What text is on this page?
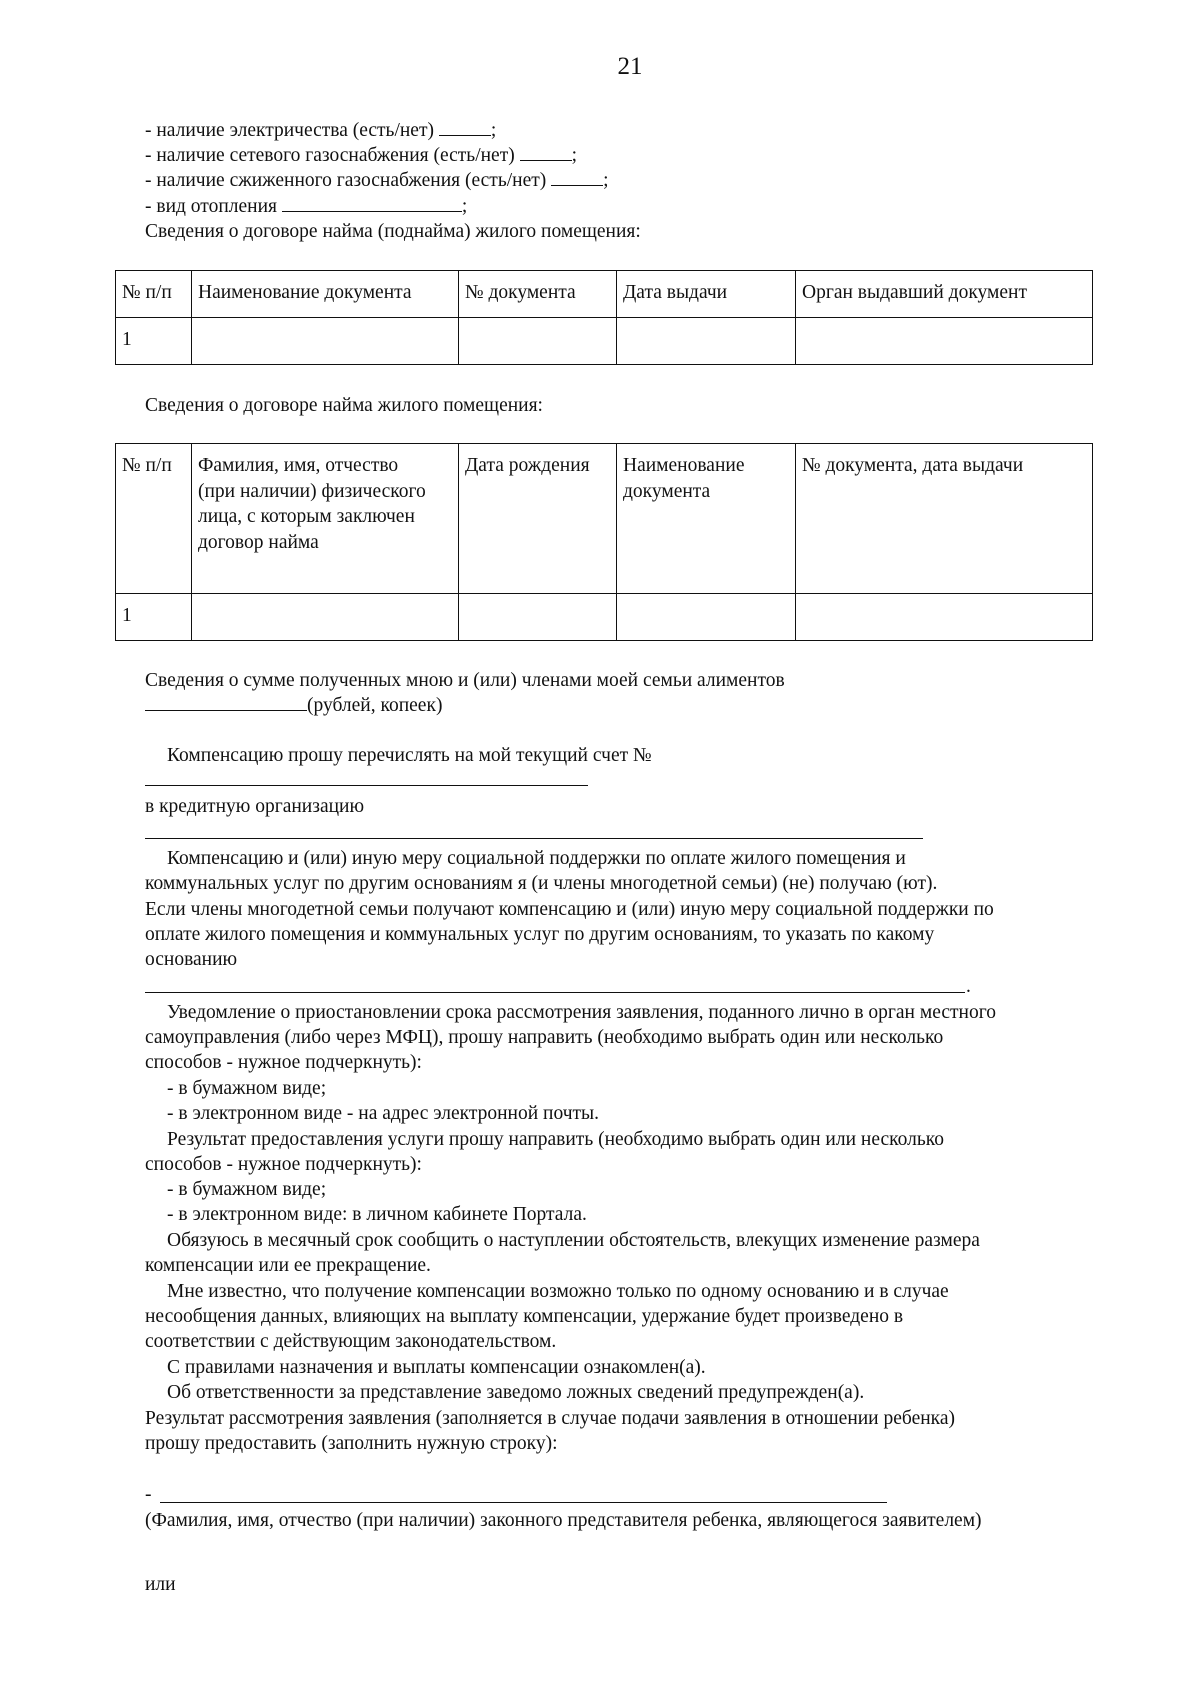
21
- наличие электричества (есть/нет)	;
- наличие сетевого газоснабжения (есть/нет)	;
- наличие сжиженного газоснабжения (есть/нет)	;
- вид отопления	;
Сведения о договоре найма (поднайма) жилого помещения:
№ п/п	Наименование документа	№ документа	Дата выдачи	Орган выдавший документ
1				
Сведения о договоре найма жилого помещения:
№ п/п	Фамилия, имя, отчество (при наличии) физического лица, с которым заключен договор найма	Дата рождения	Наименование документа	№ документа, дата выдачи
1				
Сведения о сумме полученных мною и (или) членами моей семьи алиментов
(рублей, копеек)
Компенсацию прошу перечислять на мой текущий счет №
в кредитную организацию
Компенсацию и (или) иную меру социальной поддержки по оплате жилого помещения и
коммунальных услуг по другим основаниям я (и члены многодетной семьи) (не) получаю (ют).
Если члены многодетной семьи получают компенсацию и (или) иную меру социальной поддержки по
оплате жилого помещения и коммунальных услуг по другим основаниям, то указать по какому
основанию
.
Уведомление о приостановлении срока рассмотрения заявления, поданного лично в орган местного
самоуправления (либо через МФЦ), прошу направить (необходимо выбрать один или несколько
способов - нужное подчеркнуть):
- в бумажном виде;
- в электронном виде - на адрес электронной почты.
Результат предоставления услуги прошу направить (необходимо выбрать один или несколько
способов - нужное подчеркнуть):
- в бумажном виде;
- в электронном виде: в личном кабинете Портала.
Обязуюсь в месячный срок сообщить о наступлении обстоятельств, влекущих изменение размера
компенсации или ее прекращение.
Мне известно, что получение компенсации возможно только по одному основанию и в случае
несообщения данных, влияющих на выплату компенсации, удержание будет произведено в
соответствии с действующим законодательством.
С правилами назначения и выплаты компенсации ознакомлен(а).
Об ответственности за представление заведомо ложных сведений предупрежден(а).
Результат рассмотрения заявления (заполняется в случае подачи заявления в отношении ребенка)
прошу предоставить (заполнить нужную строку):
-
(Фамилия, имя, отчество (при наличии) законного представителя ребенка, являющегося заявителем)
или
